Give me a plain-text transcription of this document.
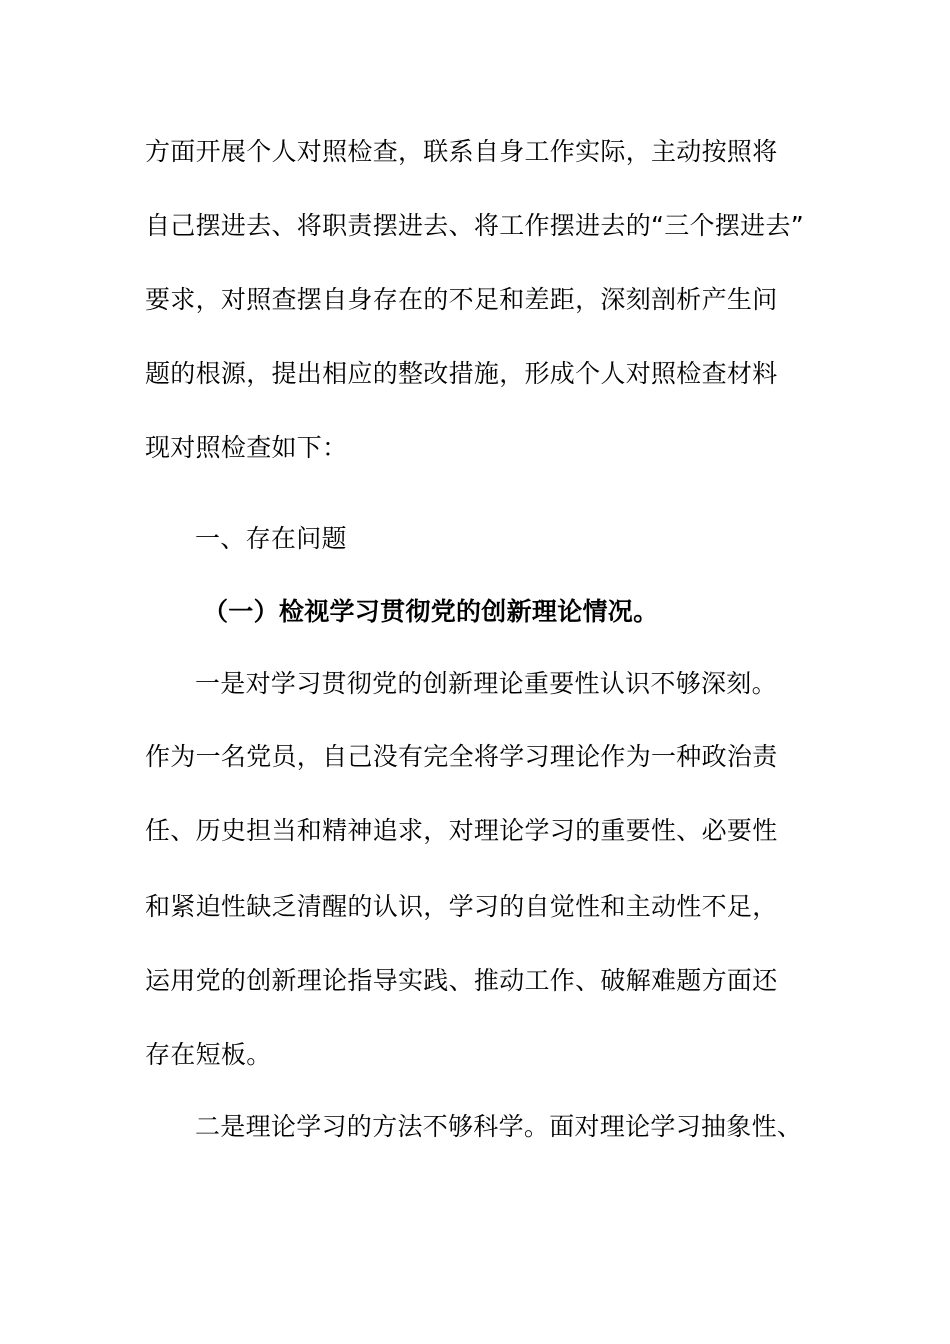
方面开展个人对照检查，联系自身工作实际，主动按照将
自己摆进去、将职责摆进去、将工作摆进去的“三个摆进去”
要求，对照查摆自身存在的不足和差距，深刻剖析产生问
题的根源，提出相应的整改措施，形成个人对照检查材料
现对照检查如下：
一、存在问题
（一）检视学习贯彻党的创新理论情况。
一是对学习贯彻党的创新理论重要性认识不够深刻。
作为一名党员，自己没有完全将学习理论作为一种政治责
任、历史担当和精神追求，对理论学习的重要性、必要性
和紧迫性缺乏清醒的认识，学习的自觉性和主动性不足，
运用党的创新理论指导实践、推动工作、破解难题方面还
存在短板。
二是理论学习的方法不够科学。面对理论学习抽象性、
